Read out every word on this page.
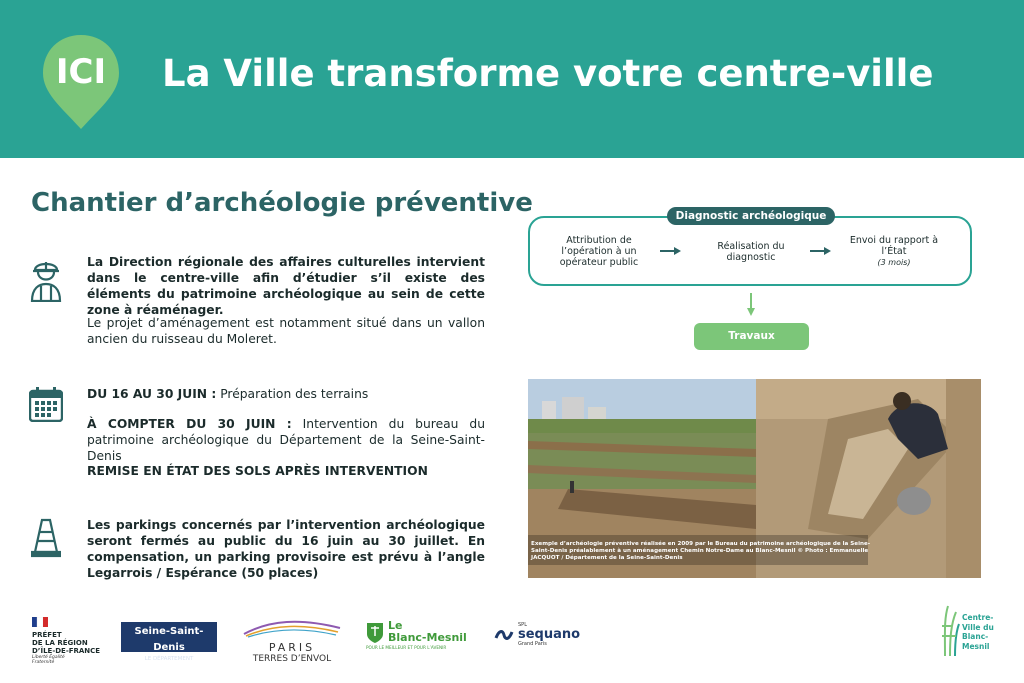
ICI	La Ville transforme votre centre-ville
Chantier d’archéologie préventive
La Direction régionale des affaires culturelles intervient dans le centre-ville afin d’étudier s’il existe des éléments du patrimoine archéologique au sein de cette zone à réaménager.
Le projet d’aménagement est notamment situé dans un vallon ancien du ruisseau du Moleret.
DU 16 AU 30 JUIN : Préparation des terrains
À COMPTER DU 30 JUIN : Intervention du bureau du patrimoine archéologique du Département de la Seine-Saint-Denis
REMISE EN ÉTAT DES SOLS APRÈS INTERVENTION
Les parkings concernés par l’intervention archéologique seront fermés au public du 16 juin au 30 juillet. En compensation, un parking provisoire est prévu à l’angle Legarrois / Espérance (50 places)
Diagnostic archéologique
Attribution de l’opération à un opérateur public
Réalisation du diagnostic
Envoi du rapport à l’État
(3 mois)
Travaux
Exemple d’archéologie préventive réalisée en 2009 par le Bureau du patrimoine archéologique de la Seine-Saint-Denis préalablement à un aménagement Chemin Notre-Dame au Blanc-Mesnil © Photo : Emmanuelle JACQUOT / Département de la Seine-Saint-Denis
PRÉFET
DE LA RÉGION
D’ÎLE-DE-FRANCE
Liberté Égalité Fraternité
Seine-Saint-Denis
LE DÉPARTEMENT
PARIS
TERRES D’ENVOL
Le
Blanc-Mesnil
POUR LE MEILLEUR ET POUR L’AVENIR
SPL
sequano
Grand Paris
Centre-
Ville du
Blanc-
Mesnil
